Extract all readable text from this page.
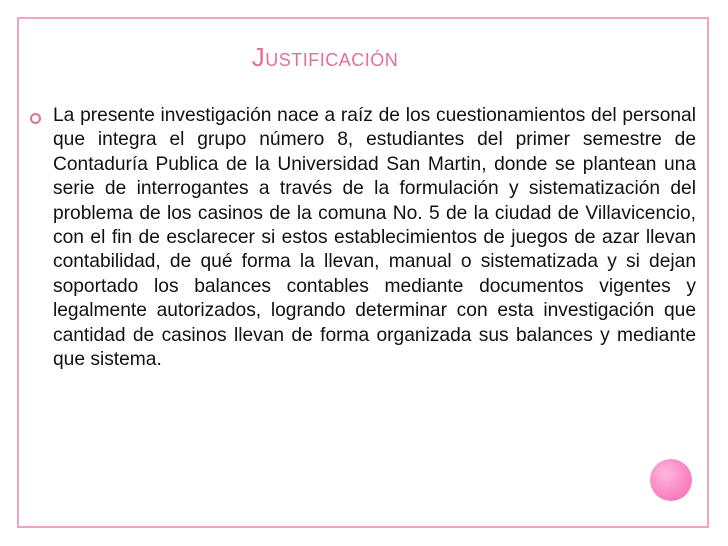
Justificación
La presente investigación nace a raíz de los cuestionamientos del personal que integra el grupo número 8, estudiantes del primer semestre de Contaduría Publica de la Universidad San Martin, donde se plantean una serie de interrogantes a través de la formulación y sistematización del problema de los casinos de la comuna No. 5 de la ciudad de Villavicencio, con el fin de esclarecer si estos establecimientos de juegos de azar llevan contabilidad, de qué forma la llevan, manual o sistematizada y si dejan soportado los balances contables mediante documentos vigentes y legalmente autorizados, logrando determinar con esta investigación que cantidad de casinos llevan de forma organizada sus balances y mediante que sistema.
